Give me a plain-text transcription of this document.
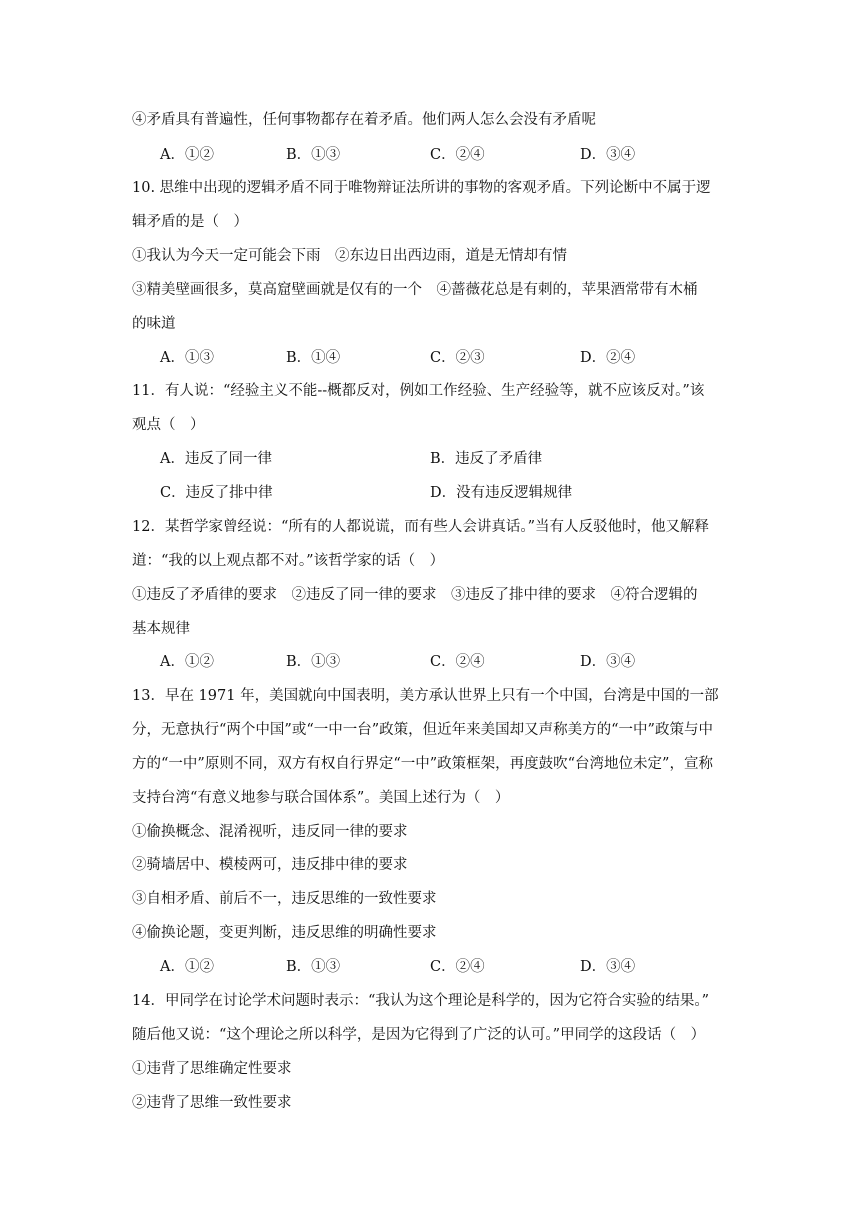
④矛盾具有普遍性，任何事物都存在着矛盾。他们两人怎么会没有矛盾呢
A．①②	B．①③	C．②④	D．③④
10. 思维中出现的逻辑矛盾不同于唯物辩证法所讲的事物的客观矛盾。下列论断中不属于逻
辑矛盾的是（　）
①我认为今天一定可能会下雨　②东边日出西边雨，道是无情却有情
③精美壁画很多，莫高窟壁画就是仅有的一个　④蔷薇花总是有刺的，苹果酒常带有木桶
的味道
A．①③	B．①④	C．②③	D．②④
11．有人说：“经验主义不能--概都反对，例如工作经验、生产经验等，就不应该反对。”该
观点（　）
A．违反了同一律	B．违反了矛盾律
C．违反了排中律	D．没有违反逻辑规律
12．某哲学家曾经说：“所有的人都说谎，而有些人会讲真话。”当有人反驳他时，他又解释
道：“我的以上观点都不对。”该哲学家的话（　）
①违反了矛盾律的要求　②违反了同一律的要求　③违反了排中律的要求　④符合逻辑的
基本规律
A．①②	B．①③	C．②④	D．③④
13．早在 1971 年，美国就向中国表明，美方承认世界上只有一个中国，台湾是中国的一部
分，无意执行“两个中国”或“一中一台”政策，但近年来美国却又声称美方的“一中”政策与中
方的“一中”原则不同，双方有权自行界定“一中”政策框架，再度鼓吹“台湾地位未定”，宣称
支持台湾“有意义地参与联合国体系”。美国上述行为（　）
①偷换概念、混淆视听，违反同一律的要求
②骑墙居中、模棱两可，违反排中律的要求
③自相矛盾、前后不一，违反思维的一致性要求
④偷换论题，变更判断，违反思维的明确性要求
A．①②	B．①③	C．②④	D．③④
14．甲同学在讨论学术问题时表示：“我认为这个理论是科学的，因为它符合实验的结果。”
随后他又说：“这个理论之所以科学，是因为它得到了广泛的认可。”甲同学的这段话（　）
①违背了思维确定性要求
②违背了思维一致性要求
